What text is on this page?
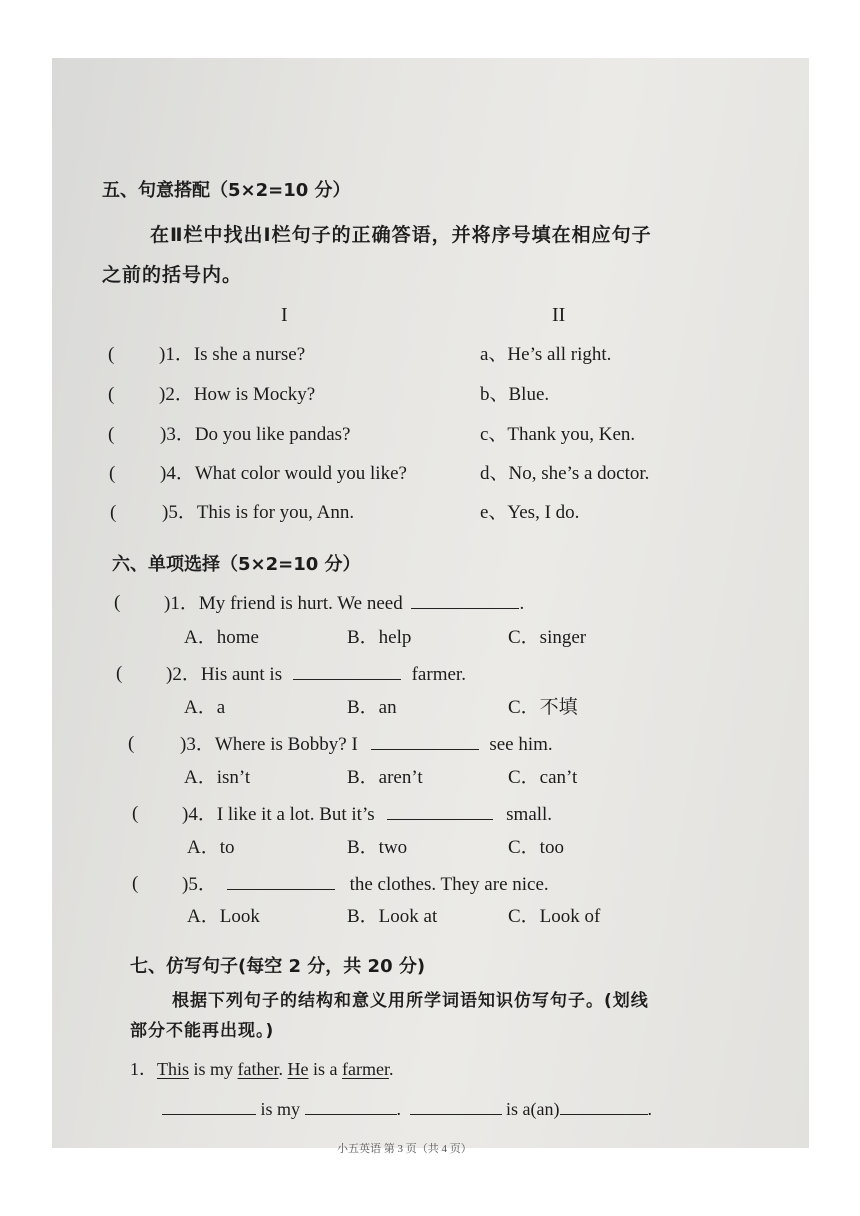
五、句意搭配（5×2=10 分）
在Ⅱ栏中找出Ⅰ栏句子的正确答语，并将序号填在相应句子
之前的括号内。
I	II
( )1．Is she a nurse?	a、He’s all right.
( )2．How is Mocky?	b、Blue.
( )3．Do you like pandas?	c、Thank you, Ken.
( )4．What color would you like?	d、No, she’s a doctor.
( )5．This is for you, Ann.	e、Yes, I do.
六、单项选择（5×2=10 分）
( )1．My friend is hurt. We need	.
A．home	B．help	C．singer
( )2．His aunt is	farmer.
A．a	B．an	C．不填
( )3．Where is Bobby? I	see him.
A．isn’t	B．aren’t	C．can’t
( )4．I like it a lot. But it’s	small.
A．to	B．two	C．too
( )5．	the clothes. They are nice.
A．Look	B．Look at	C．Look of
七、仿写句子(每空 2 分，共 20 分)
根据下列句子的结构和意义用所学词语知识仿写句子。(划线
部分不能再出现。)
1．This is my father. He is a farmer.
is my	.	is a(an)	.
小五英语 第 3 页（共 4 页）
